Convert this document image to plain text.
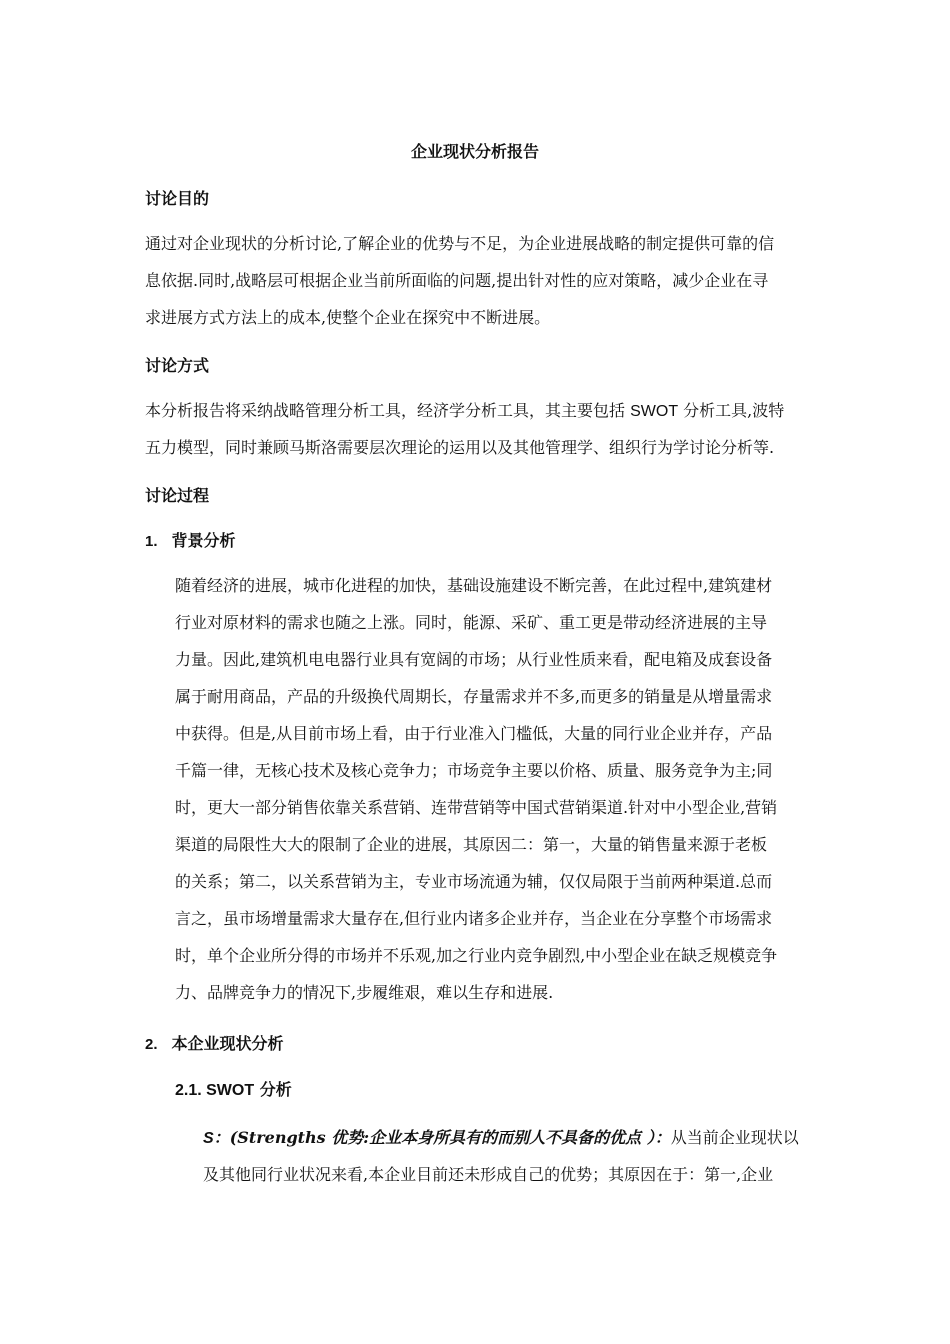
企业现状分析报告

讨论目的

通过对企业现状的分析讨论,了解企业的优势与不足，为企业进展战略的制定提供可靠的信

息依据.同时,战略层可根据企业当前所面临的问题,提出针对性的应对策略，减少企业在寻

求进展方式方法上的成本,使整个企业在探究中不断进展。

讨论方式

本分析报告将采纳战略管理分析工具，经济学分析工具，其主要包括 SWOT 分析工具,波特

五力模型，同时兼顾马斯洛需要层次理论的运用以及其他管理学、组织行为学讨论分析等.

讨论过程

1. 背景分析

随着经济的进展，城市化进程的加快，基础设施建设不断完善，在此过程中,建筑建材

行业对原材料的需求也随之上涨。同时，能源、采矿、重工更是带动经济进展的主导

力量。因此,建筑机电电器行业具有宽阔的市场；从行业性质来看，配电箱及成套设备

属于耐用商品，产品的升级换代周期长，存量需求并不多,而更多的销量是从增量需求

中获得。但是,从目前市场上看，由于行业准入门槛低，大量的同行业企业并存，产品

千篇一律，无核心技术及核心竞争力；市场竞争主要以价格、质量、服务竞争为主;同

时，更大一部分销售依靠关系营销、连带营销等中国式营销渠道.针对中小型企业,营销

渠道的局限性大大的限制了企业的进展，其原因二：第一，大量的销售量来源于老板

的关系；第二，以关系营销为主，专业市场流通为辅，仅仅局限于当前两种渠道.总而

言之，虽市场增量需求大量存在,但行业内诸多企业并存，当企业在分享整个市场需求

时，单个企业所分得的市场并不乐观,加之行业内竞争剧烈,中小型企业在缺乏规模竞争

力、品牌竞争力的情况下,步履维艰，难以生存和进展.

2. 本企业现状分析

2.1. SWOT 分析

S：(Strengths 优势:企业本身所具有的而别人不具备的优点 ）：从当前企业现状以

及其他同行业状况来看,本企业目前还未形成自己的优势；其原因在于：第一,企业
